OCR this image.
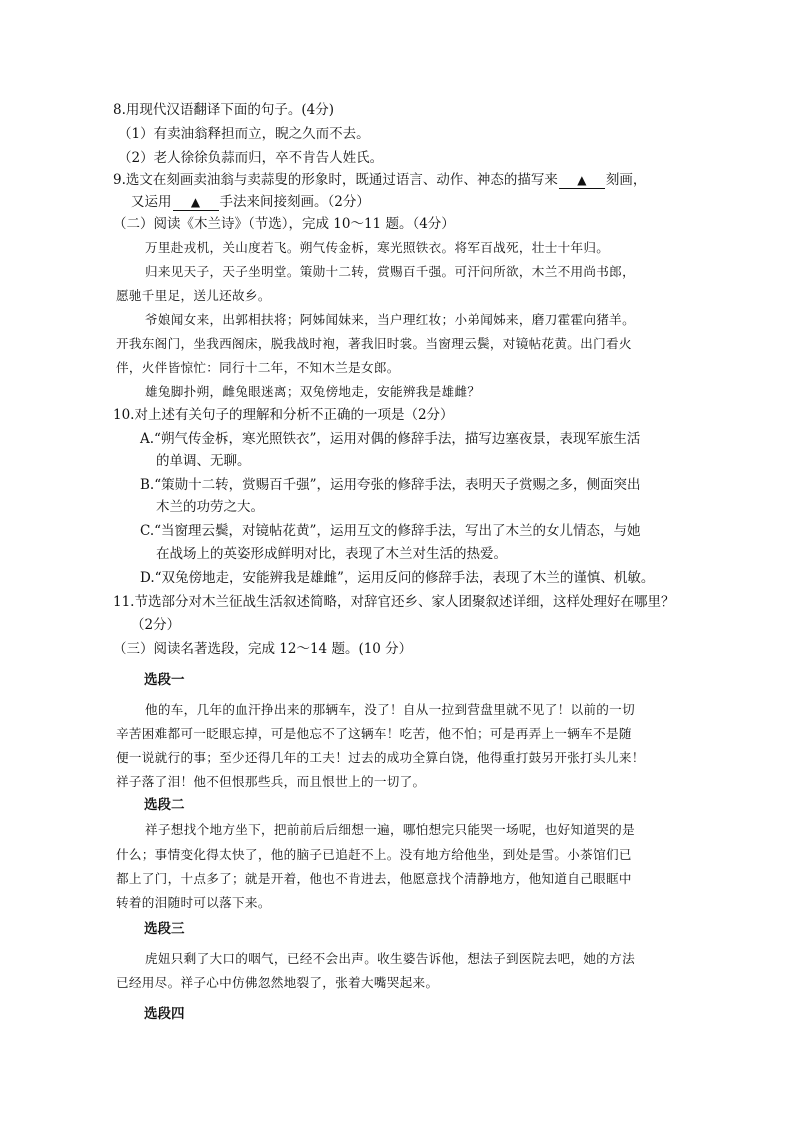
8.用现代汉语翻译下面的句子。(4分)
（1）有卖油翁释担而立，睨之久而不去。
（2）老人徐徐负蒜而归，卒不肯告人姓氏。
9.选文在刻画卖油翁与卖蒜叟的形象时，既通过语言、动作、神态的描写来 ▲ 刻画，
又运用 ▲ 手法来间接刻画。（2分）
（二）阅读《木兰诗》（节选），完成 10～11 题。（4分）
万里赴戎机，关山度若飞。朔气传金柝，寒光照铁衣。将军百战死，壮士十年归。
归来见天子，天子坐明堂。策勋十二转，赏赐百千强。可汗问所欲，木兰不用尚书郎，
愿驰千里足，送儿还故乡。
爷娘闻女来，出郭相扶将；阿姊闻妹来，当户理红妆；小弟闻姊来，磨刀霍霍向猪羊。
开我东阁门，坐我西阁床，脱我战时袍，著我旧时裳。当窗理云鬓，对镜帖花黄。出门看火
伴，火伴皆惊忙：同行十二年，不知木兰是女郎。
雄兔脚扑朔，雌兔眼迷离；双兔傍地走，安能辨我是雄雌？
10.对上述有关句子的理解和分析不正确的一项是（2分）
A.“朔气传金柝，寒光照铁衣”，运用对偶的修辞手法，描写边塞夜景，表现军旅生活
的单调、无聊。
B.“策勋十二转，赏赐百千强”，运用夸张的修辞手法，表明天子赏赐之多，侧面突出
木兰的功劳之大。
C.“当窗理云鬓，对镜帖花黄”，运用互文的修辞手法，写出了木兰的女儿情态，与她
在战场上的英姿形成鲜明对比，表现了木兰对生活的热爱。
D.“双兔傍地走，安能辨我是雄雌”，运用反问的修辞手法，表现了木兰的谨慎、机敏。
11.节选部分对木兰征战生活叙述简略，对辞官还乡、家人团聚叙述详细，这样处理好在哪里？
（2分）
（三）阅读名著选段，完成 12～14 题。(10 分）
选段一
他的车，几年的血汗挣出来的那辆车，没了！自从一拉到营盘里就不见了！以前的一切
辛苦困难都可一眨眼忘掉，可是他忘不了这辆车！吃苦，他不怕；可是再弄上一辆车不是随
便一说就行的事；至少还得几年的工夫！过去的成功全算白饶，他得重打鼓另开张打头儿来！
祥子落了泪！他不但恨那些兵，而且恨世上的一切了。
选段二
祥子想找个地方坐下，把前前后后细想一遍，哪怕想完只能哭一场呢，也好知道哭的是
什么；事情变化得太快了，他的脑子已追赶不上。没有地方给他坐，到处是雪。小茶馆们已
都上了门，十点多了；就是开着，他也不肯进去，他愿意找个清静地方，他知道自己眼眶中
转着的泪随时可以落下来。
选段三
虎妞只剩了大口的咽气，已经不会出声。收生婆告诉他，想法子到医院去吧，她的方法
已经用尽。祥子心中仿佛忽然地裂了，张着大嘴哭起来。
选段四
